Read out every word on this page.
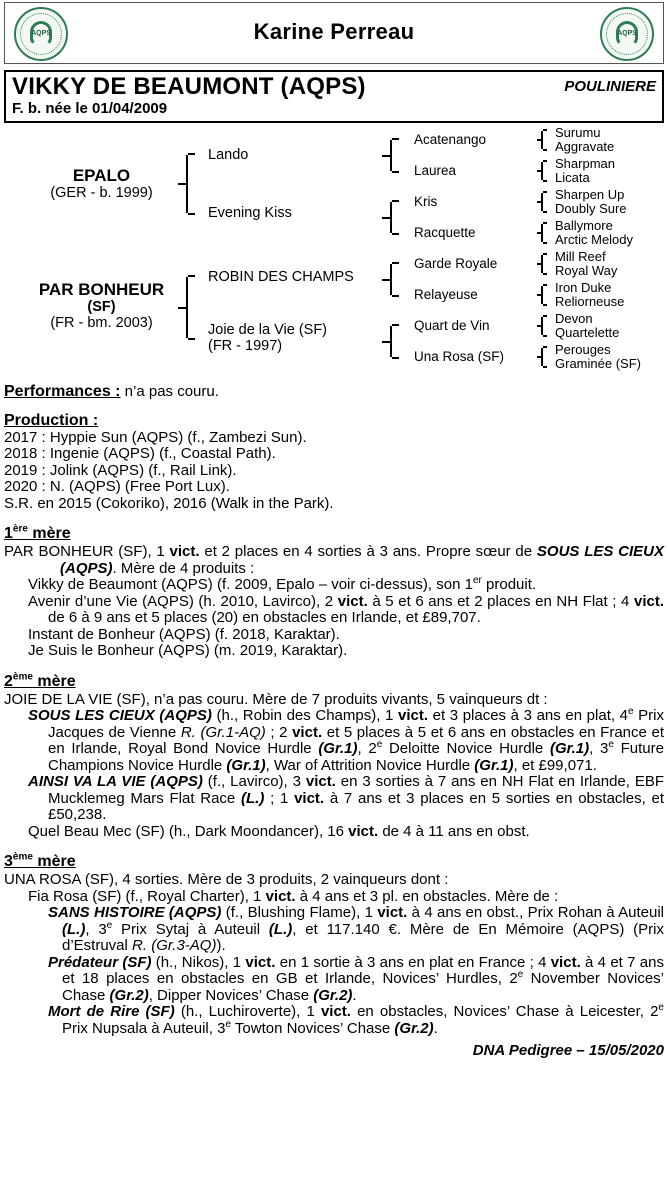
AQPS	Karine Perreau	AQPS
VIKKY DE BEAUMONT (AQPS)	POULINIERE
F. b. née le 01/04/2009
EPALO
(GER - b. 1999)
PAR BONHEUR
(SF)
(FR - bm. 2003)
Lando
Evening Kiss
ROBIN DES CHAMPS
Joie de la Vie (SF)
(FR - 1997)
Acatenango
Laurea
Kris
Racquette
Garde Royale
Relayeuse
Quart de Vin
Una Rosa (SF)
Surumu
Aggravate
Sharpman
Licata
Sharpen Up
Doubly Sure
Ballymore
Arctic Melody
Mill Reef
Royal Way
Iron Duke
Reliorneuse
Devon
Quartelette
Perouges
Graminée (SF)

Performances : n’a pas couru.

Production :

2017 : Hyppie Sun (AQPS) (f., Zambezi Sun).

2018 : Ingenie (AQPS) (f., Coastal Path).

2019 : Jolink (AQPS) (f., Rail Link).

2020 : N. (AQPS) (Free Port Lux).

S.R. en 2015 (Cokoriko), 2016 (Walk in the Park).

1ère mère

PAR BONHEUR (SF), 1 vict. et 2 places en 4 sorties à 3 ans. Propre sœur de SOUS LES CIEUX (AQPS). Mère de 4 produits :

Vikky de Beaumont (AQPS) (f. 2009, Epalo – voir ci-dessus), son 1er produit.

Avenir d’une Vie (AQPS) (h. 2010, Lavirco), 2 vict. à 5 et 6 ans et 2 places en NH Flat ; 4 vict. de 6 à 9 ans et 5 places (20) en obstacles en Irlande, et £89,707.

Instant de Bonheur (AQPS) (f. 2018, Karaktar).

Je Suis le Bonheur (AQPS) (m. 2019, Karaktar).

2ème mère

JOIE DE LA VIE (SF), n’a pas couru. Mère de 7 produits vivants, 5 vainqueurs dt :

SOUS LES CIEUX (AQPS) (h., Robin des Champs), 1 vict. et 3 places à 3 ans en plat, 4e Prix Jacques de Vienne R. (Gr.1-AQ) ; 2 vict. et 5 places à 5 et 6 ans en obstacles en France et en Irlande, Royal Bond Novice Hurdle (Gr.1), 2e Deloitte Novice Hurdle (Gr.1), 3e Future Champions Novice Hurdle (Gr.1), War of Attrition Novice Hurdle (Gr.1), et £99,071.

AINSI VA LA VIE (AQPS) (f., Lavirco), 3 vict. en 3 sorties à 7 ans en NH Flat en Irlande, EBF Mucklemeg Mars Flat Race (L.) ; 1 vict. à 7 ans et 3 places en 5 sorties en obstacles, et £50,238.

Quel Beau Mec (SF) (h., Dark Moondancer), 16 vict. de 4 à 11 ans en obst.

3ème mère

UNA ROSA (SF), 4 sorties. Mère de 3 produits, 2 vainqueurs dont :

Fia Rosa (SF) (f., Royal Charter), 1 vict. à 4 ans et 3 pl. en obstacles. Mère de :

SANS HISTOIRE (AQPS) (f., Blushing Flame), 1 vict. à 4 ans en obst., Prix Rohan à Auteuil (L.), 3e Prix Sytaj à Auteuil (L.), et 117.140 €. Mère de En Mémoire (AQPS) (Prix d’Estruval R. (Gr.3-AQ)).

Prédateur (SF) (h., Nikos), 1 vict. en 1 sortie à 3 ans en plat en France ; 4 vict. à 4 et 7 ans et 18 places en obstacles en GB et Irlande, Novices’ Hurdles, 2e November Novices’ Chase (Gr.2), Dipper Novices’ Chase (Gr.2).

Mort de Rire (SF) (h., Luchiroverte), 1 vict. en obstacles, Novices’ Chase à Leicester, 2e Prix Nupsala à Auteuil, 3e Towton Novices’ Chase (Gr.2).

DNA Pedigree – 15/05/2020
